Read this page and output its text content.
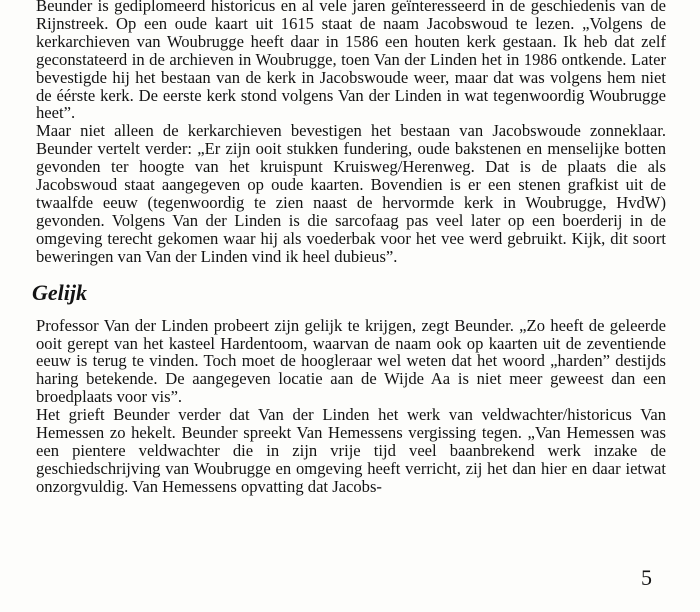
Beunder is gediplomeerd historicus en al vele jaren geïnteresseerd in de geschiedenis van de Rijnstreek. Op een oude kaart uit 1615 staat de naam Jacobswoud te lezen. „Volgens de kerkarchieven van Woubrugge heeft daar in 1586 een houten kerk gestaan. Ik heb dat zelf geconstateerd in de archieven in Woubrugge, toen Van der Linden het in 1986 ontkende. Later bevestigde hij het bestaan van de kerk in Jacobswoude weer, maar dat was volgens hem niet de éérste kerk. De eerste kerk stond volgens Van der Linden in wat tegenwoordig Woubrugge heet”.

Maar niet alleen de kerkarchieven bevestigen het bestaan van Jacobswoude zonneklaar. Beunder vertelt verder: „Er zijn ooit stukken fundering, oude bakstenen en menselijke botten gevonden ter hoogte van het kruispunt Kruisweg/Herenweg. Dat is de plaats die als Jacobswoud staat aangegeven op oude kaarten. Bovendien is er een stenen grafkist uit de twaalfde eeuw (tegenwoordig te zien naast de hervormde kerk in Woubrugge, HvdW) gevonden. Volgens Van der Linden is die sarcofaag pas veel later op een boerderij in de omgeving terecht gekomen waar hij als voederbak voor het vee werd gebruikt. Kijk, dit soort beweringen van Van der Linden vind ik heel dubieus”.

Gelijk

Professor Van der Linden probeert zijn gelijk te krijgen, zegt Beunder. „Zo heeft de geleerde ooit gerept van het kasteel Hardentoom, waarvan de naam ook op kaarten uit de zeventiende eeuw is terug te vinden. Toch moet de hoogleraar wel weten dat het woord „harden” destijds haring betekende. De aangegeven locatie aan de Wijde Aa is niet meer geweest dan een broedplaats voor vis”.

Het grieft Beunder verder dat Van der Linden het werk van veldwachter/historicus Van Hemessen zo hekelt. Beunder spreekt Van Hemessens vergissing tegen. „Van Hemessen was een pientere veldwachter die in zijn vrije tijd veel baanbrekend werk inzake de geschiedschrijving van Woubrugge en omgeving heeft verricht, zij het dan hier en daar ietwat onzorgvuldig. Van Hemessens opvatting dat Jacobs-

5
